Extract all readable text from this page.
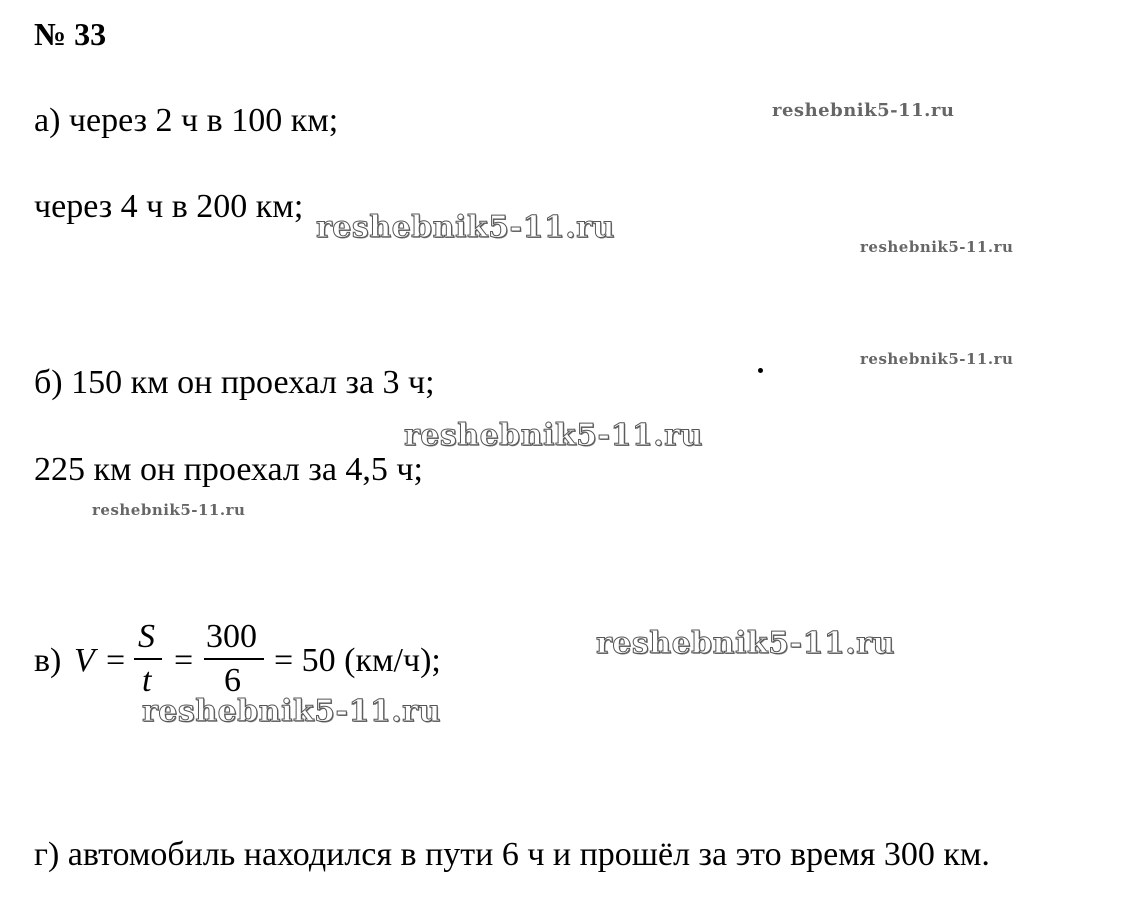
№ 33
а) через 2 ч в 100 км;
через 4 ч в 200 км;
б) 150 км он проехал за 3 ч;
225 км он проехал за 4,5 ч;
в) V =
S
t
=
300
6
= 50 (км/ч);
г) автомобиль находился в пути 6 ч и прошёл за это время 300 км.
reshebnik5-11.ru
reshebnik5-11.ru
reshebnik5-11.ru
reshebnik5-11.ru
reshebnik5-11.ru
reshebnik5-11.ru
reshebnik5-11.ru
reshebnik5-11.ru
